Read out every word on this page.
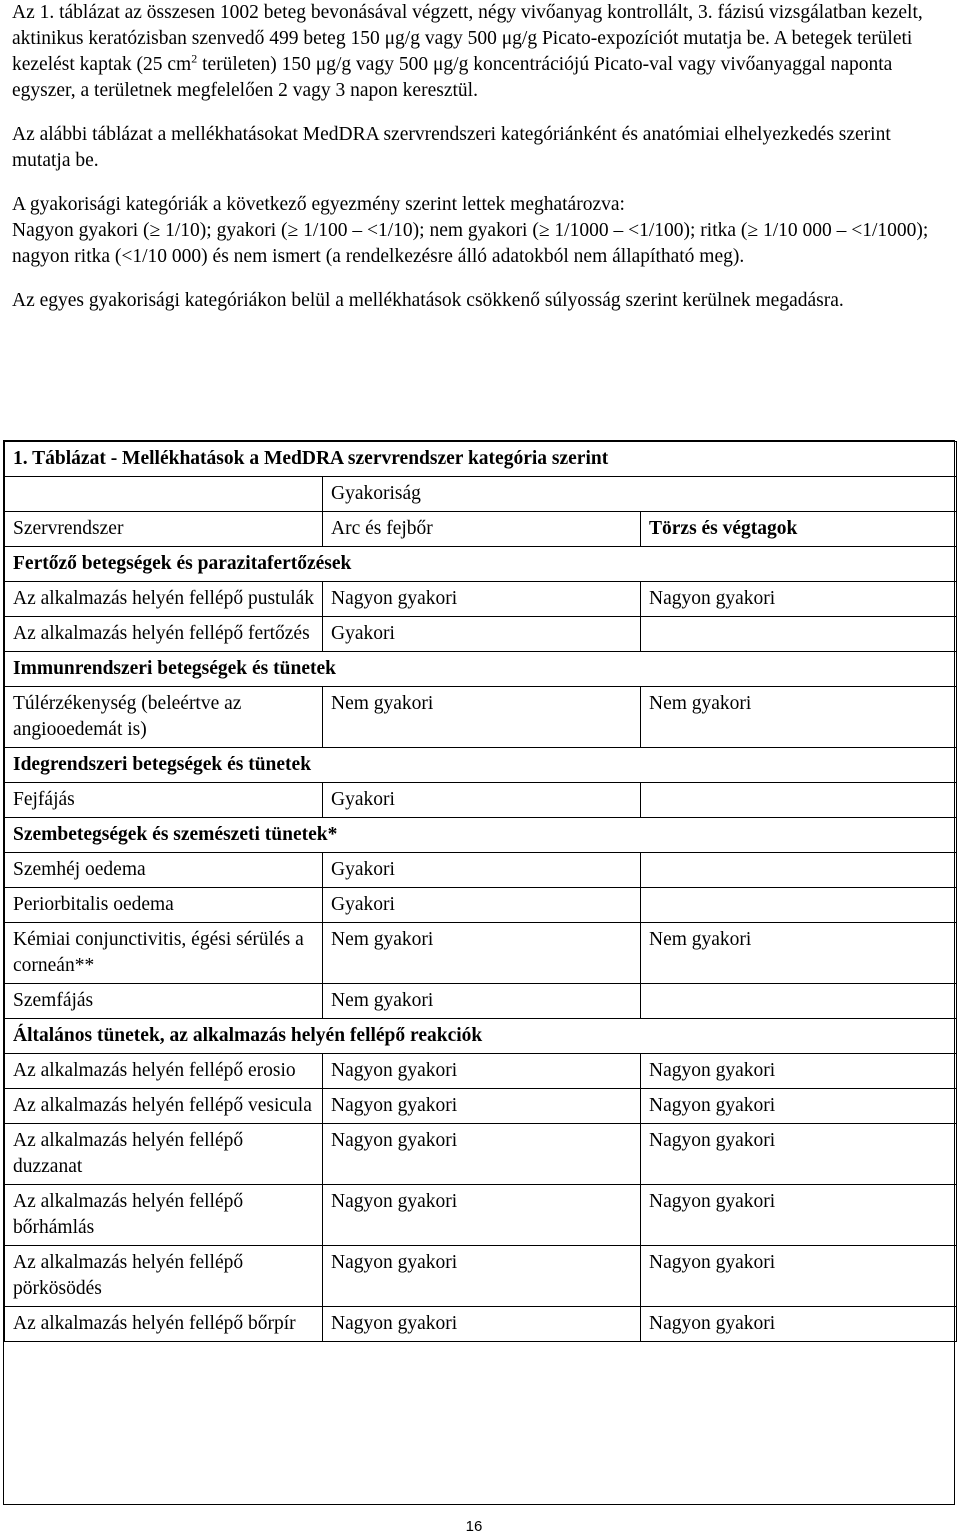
Az 1. táblázat az összesen 1002 beteg bevonásával végzett, négy vivőanyag kontrollált, 3. fázisú vizsgálatban kezelt, aktinikus keratózisban szenvedő 499 beteg 150 μg/g vagy 500 μg/g Picato-expozíciót mutatja be. A betegek területi kezelést kaptak (25 $cm^2$ területen) 150 μg/g vagy 500 μg/g koncentrációjú Picato-val vagy vivőanyaggal naponta egyszer, a területnek megfelelően 2 vagy 3 napon keresztül.

Az alábbi táblázat a mellékhatásokat MedDRA szervrendszeri kategóriánként és anatómiai elhelyezkedés szerint mutatja be.

A gyakorisági kategóriák a következő egyezmény szerint lettek meghatározva:

Nagyon gyakori (≥ 1/10); gyakori (≥ 1/100 – <1/10); nem gyakori (≥ 1/1000 – <1/100); ritka (≥ 1/10 000 – <1/1000); nagyon ritka (<1/10 000) és nem ismert (a rendelkezésre álló adatokból nem állapítható meg).

Az egyes gyakorisági kategóriákon belül a mellékhatások csökkenő súlyosság szerint kerülnek megadásra.

1. Táblázat - Mellékhatások a MedDRA szervrendszer kategória szerint		
	Gyakoriság	
Szervrendszer	Arc és fejbőr	Törzs és végtagok
Fertőző betegségek és parazitafertőzések		
Az alkalmazás helyén fellépő pustulák	Nagyon gyakori	Nagyon gyakori
Az alkalmazás helyén fellépő fertőzés	Gyakori	
Immunrendszeri betegségek és tünetek		
Túlérzékenység (beleértve az angiooedemát is)	Nem gyakori	Nem gyakori
Idegrendszeri betegségek és tünetek		
Fejfájás	Gyakori	
Szembetegségek és szemészeti tünetek*		
Szemhéj oedema	Gyakori	
Periorbitalis oedema	Gyakori	
Kémiai conjunctivitis, égési sérülés a corneán**	Nem gyakori	Nem gyakori
Szemfájás	Nem gyakori	
Általános tünetek, az alkalmazás helyén fellépő reakciók		
Az alkalmazás helyén fellépő erosio	Nagyon gyakori	Nagyon gyakori
Az alkalmazás helyén fellépő vesicula	Nagyon gyakori	Nagyon gyakori
Az alkalmazás helyén fellépő duzzanat	Nagyon gyakori	Nagyon gyakori
Az alkalmazás helyén fellépő bőrhámlás	Nagyon gyakori	Nagyon gyakori
Az alkalmazás helyén fellépő pörkösödés	Nagyon gyakori	Nagyon gyakori
Az alkalmazás helyén fellépő bőrpír	Nagyon gyakori	Nagyon gyakori
16
